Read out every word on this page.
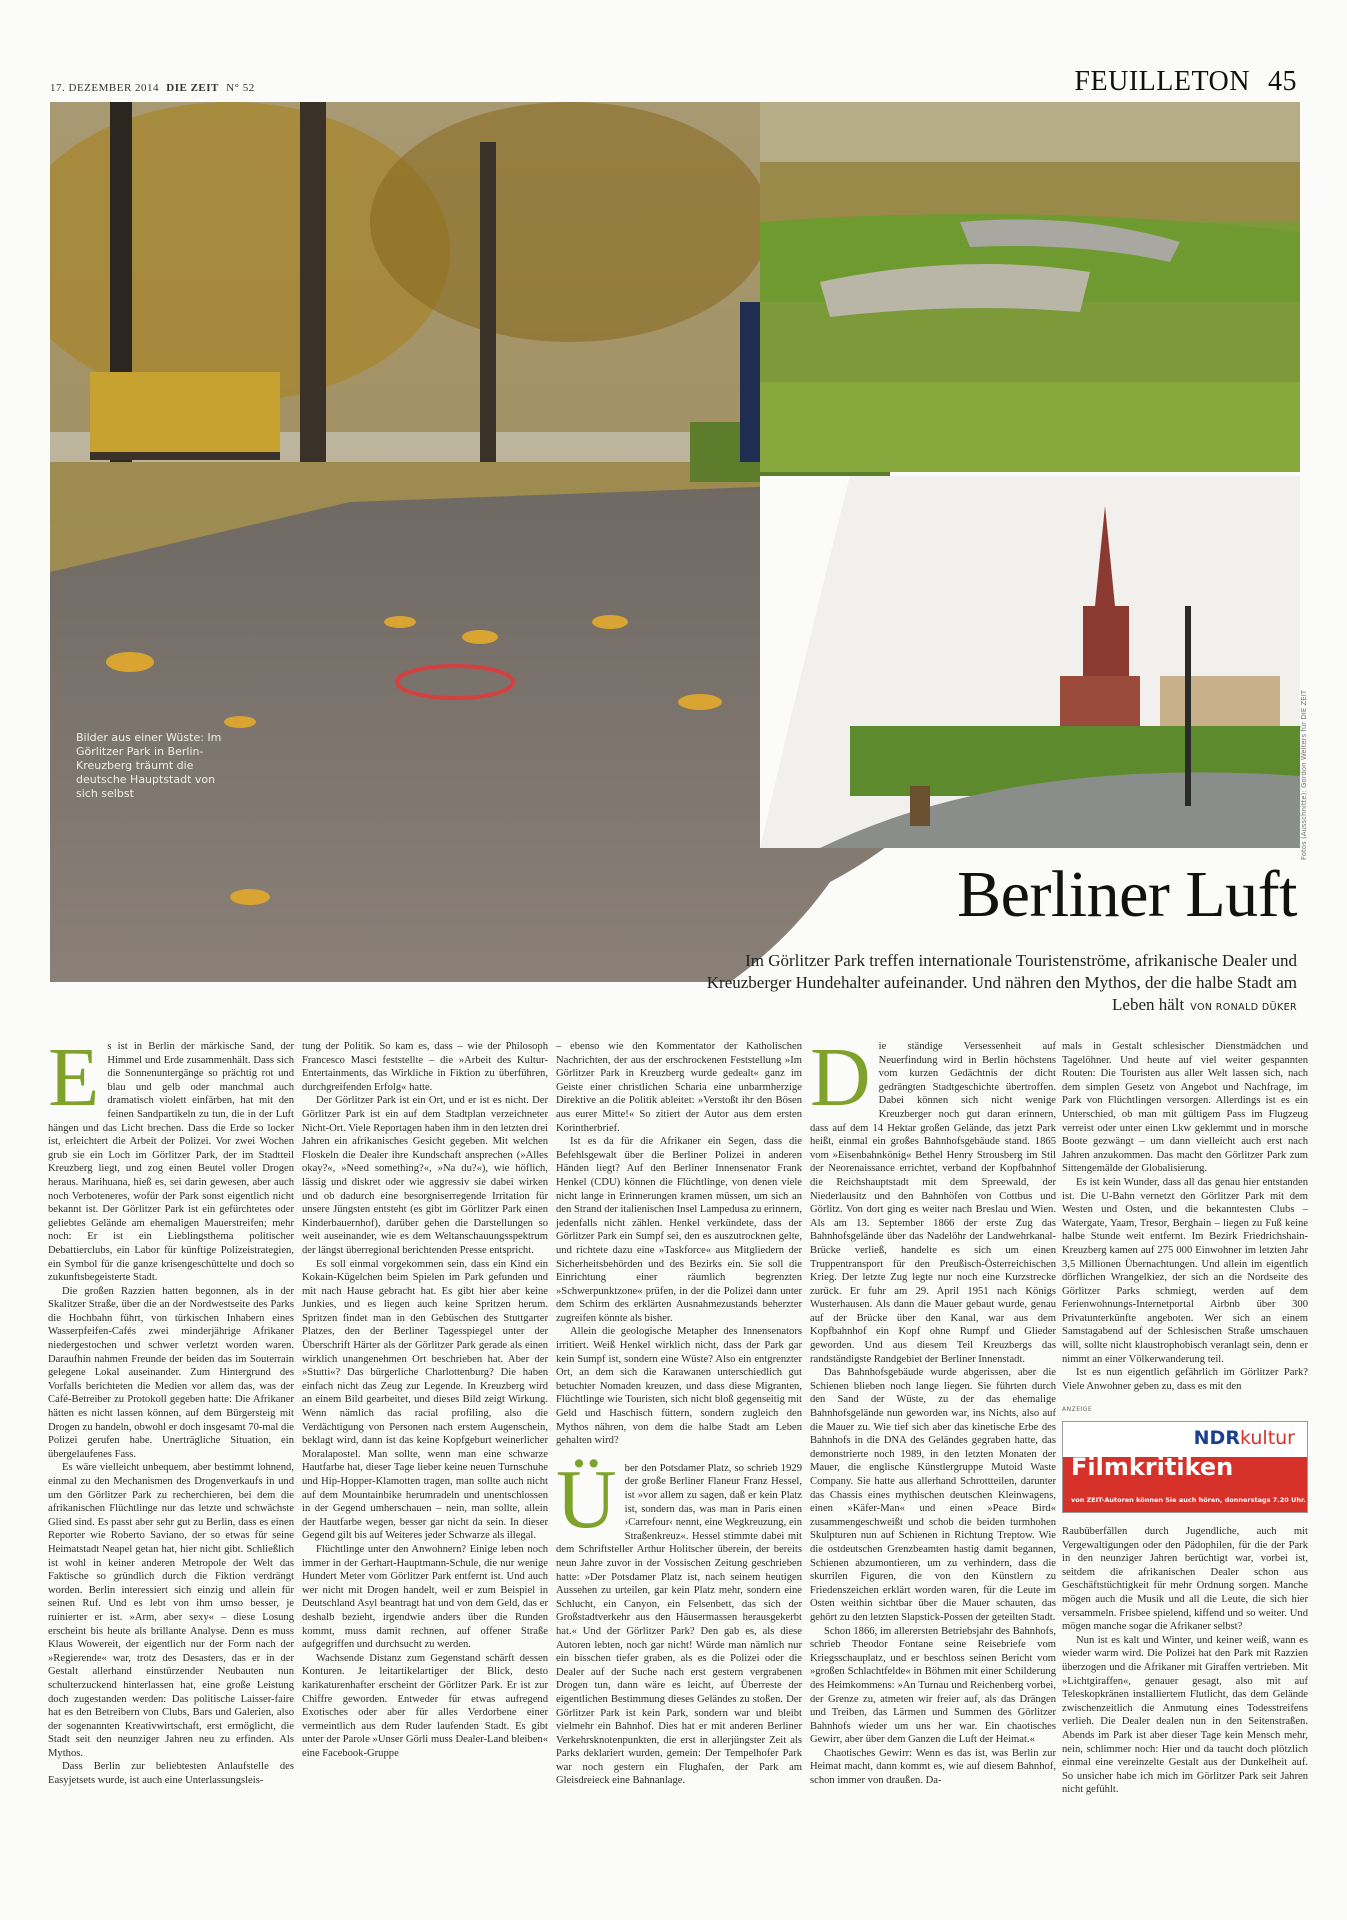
17. DEZEMBER 2014 DIE ZEIT N° 52	FEUILLETON 45
Bilder aus einer Wüste: Im Görlitzer Park in Berlin-Kreuzberg träumt die deutsche Hauptstadt von sich selbst	Fotos (Ausschnitte): Gordon Welters für DIE ZEIT
Berliner Luft
Im Görlitzer Park treffen internationale Touristenströme, afrikanische Dealer und Kreuzberger Hundehalter aufeinander. Und nähren den Mythos, der die halbe Stadt am Leben hält VON RONALD DÜKER

Es ist in Berlin der märkische Sand, der Himmel und Erde zusammenhält. Dass sich die Sonnenuntergänge so prächtig rot und blau und gelb oder manchmal auch dramatisch violett einfärben, hat mit den feinen Sandpartikeln zu tun, die in der Luft hängen und das Licht brechen. Dass die Erde so locker ist, erleichtert die Arbeit der Polizei. Vor zwei Wochen grub sie ein Loch im Görlitzer Park, der im Stadtteil Kreuzberg liegt, und zog einen Beutel voller Drogen heraus. Marihuana, hieß es, sei darin gewesen, aber auch noch Verboteneres, wofür der Park sonst eigentlich nicht bekannt ist. Der Görlitzer Park ist ein gefürchtetes oder geliebtes Gelände am ehemaligen Mauerstreifen; mehr noch: Er ist ein Lieblingsthema politischer Debattierclubs, ein Labor für künftige Polizeistrategien, ein Symbol für die ganze krisengeschüttelte und doch so zukunftsbegeisterte Stadt.

Die großen Razzien hatten begonnen, als in der Skalitzer Straße, über die an der Nordwestseite des Parks die Hochbahn führt, von türkischen Inhabern eines Wasserpfeifen-Cafés zwei minderjährige Afrikaner niedergestochen und schwer verletzt worden waren. Daraufhin nahmen Freunde der beiden das im Souterrain gelegene Lokal auseinander. Zum Hintergrund des Vorfalls berichteten die Medien vor allem das, was der Café-Betreiber zu Protokoll gegeben hatte: Die Afrikaner hätten es nicht lassen können, auf dem Bürgersteig mit Drogen zu handeln, obwohl er doch insgesamt 70-mal die Polizei gerufen habe. Unerträgliche Situation, ein übergelaufenes Fass.

Es wäre vielleicht unbequem, aber bestimmt lohnend, einmal zu den Mechanismen des Drogenverkaufs in und um den Görlitzer Park zu recherchieren, bei dem die afrikanischen Flüchtlinge nur das letzte und schwächste Glied sind. Es passt aber sehr gut zu Berlin, dass es einen Reporter wie Roberto Saviano, der so etwas für seine Heimatstadt Neapel getan hat, hier nicht gibt. Schließlich ist wohl in keiner anderen Metropole der Welt das Faktische so gründlich durch die Fiktion verdrängt worden. Berlin interessiert sich einzig und allein für seinen Ruf. Und es lebt von ihm umso besser, je ruinierter er ist. »Arm, aber sexy« – diese Losung erscheint bis heute als brillante Analyse. Denn es muss Klaus Wowereit, der eigentlich nur der Form nach der »Regierende« war, trotz des Desasters, das er in der Gestalt allerhand einstürzender Neubauten nun schulterzuckend hinterlassen hat, eine große Leistung doch zugestanden werden: Das politische Laisser-faire hat es den Betreibern von Clubs, Bars und Galerien, also der sogenannten Kreativwirtschaft, erst ermöglicht, die Stadt seit den neunziger Jahren neu zu erfinden. Als Mythos.

Dass Berlin zur beliebtesten Anlaufstelle des Easyjetsets wurde, ist auch eine Unterlassungsleis-

tung der Politik. So kam es, dass – wie der Philosoph Francesco Masci feststellte – die »Arbeit des Kultur-Entertainments, das Wirkliche in Fiktion zu überführen, durchgreifenden Erfolg« hatte.

Der Görlitzer Park ist ein Ort, und er ist es nicht. Der Görlitzer Park ist ein auf dem Stadtplan verzeichneter Nicht-Ort. Viele Reportagen haben ihm in den letzten drei Jahren ein afrikanisches Gesicht gegeben. Mit welchen Floskeln die Dealer ihre Kundschaft ansprechen (»Alles okay?«, »Need something?«, »Na du?«), wie höflich, lässig und diskret oder wie aggressiv sie dabei wirken und ob dadurch eine besorgniserregende Irritation für unsere Jüngsten entsteht (es gibt im Görlitzer Park einen Kinderbauernhof), darüber gehen die Darstellungen so weit auseinander, wie es dem Weltanschauungsspektrum der längst überregional berichtenden Presse entspricht.

Es soll einmal vorgekommen sein, dass ein Kind ein Kokain-Kügelchen beim Spielen im Park gefunden und mit nach Hause gebracht hat. Es gibt hier aber keine Junkies, und es liegen auch keine Spritzen herum. Spritzen findet man in den Gebüschen des Stuttgarter Platzes, den der Berliner Tagesspiegel unter der Überschrift Härter als der Görlitzer Park gerade als einen wirklich unangenehmen Ort beschrieben hat. Aber der »Stutti«? Das bürgerliche Charlottenburg? Die haben einfach nicht das Zeug zur Legende. In Kreuzberg wird an einem Bild gearbeitet, und dieses Bild zeigt Wirkung. Wenn nämlich das racial profiling, also die Verdächtigung von Personen nach erstem Augenschein, beklagt wird, dann ist das keine Kopfgeburt weinerlicher Moralapostel. Man sollte, wenn man eine schwarze Hautfarbe hat, dieser Tage lieber keine neuen Turnschuhe und Hip-Hopper-Klamotten tragen, man sollte auch nicht auf dem Mountainbike herumradeln und unentschlossen in der Gegend umherschauen – nein, man sollte, allein der Hautfarbe wegen, besser gar nicht da sein. In dieser Gegend gilt bis auf Weiteres jeder Schwarze als illegal.

Flüchtlinge unter den Anwohnern? Einige leben noch immer in der Gerhart-Hauptmann-Schule, die nur wenige Hundert Meter vom Görlitzer Park entfernt ist. Und auch wer nicht mit Drogen handelt, weil er zum Beispiel in Deutschland Asyl beantragt hat und von dem Geld, das er deshalb bezieht, irgendwie anders über die Runden kommt, muss damit rechnen, auf offener Straße aufgegriffen und durchsucht zu werden.

Wachsende Distanz zum Gegenstand schärft dessen Konturen. Je leitartikelartiger der Blick, desto karikaturenhafter erscheint der Görlitzer Park. Er ist zur Chiffre geworden. Entweder für etwas aufregend Exotisches oder aber für alles Verdorbene einer vermeintlich aus dem Ruder laufenden Stadt. Es gibt unter der Parole »Unser Görli muss Dealer-Land bleiben« eine Facebook-Gruppe

– ebenso wie den Kommentator der Katholischen Nachrichten, der aus der erschrockenen Feststellung »Im Görlitzer Park in Kreuzberg wurde gedealt« ganz im Geiste einer christlichen Scharia eine unbarmherzige Direktive an die Politik ableitet: »Verstoßt ihr den Bösen aus eurer Mitte!« So zitiert der Autor aus dem ersten Korintherbrief.

Ist es da für die Afrikaner ein Segen, dass die Befehlsgewalt über die Berliner Polizei in anderen Händen liegt? Auf den Berliner Innensenator Frank Henkel (CDU) können die Flüchtlinge, von denen viele nicht lange in Erinnerungen kramen müssen, um sich an den Strand der italienischen Insel Lampedusa zu erinnern, jedenfalls nicht zählen. Henkel verkündete, dass der Görlitzer Park ein Sumpf sei, den es auszutrocknen gelte, und richtete dazu eine »Taskforce« aus Mitgliedern der Sicherheitsbehörden und des Bezirks ein. Sie soll die Einrichtung einer räumlich begrenzten »Schwerpunktzone« prüfen, in der die Polizei dann unter dem Schirm des erklärten Ausnahmezustands beherzter zugreifen könnte als bisher.

Allein die geologische Metapher des Innensenators irritiert. Weiß Henkel wirklich nicht, dass der Park gar kein Sumpf ist, sondern eine Wüste? Also ein entgrenzter Ort, an dem sich die Karawanen unterschiedlich gut betuchter Nomaden kreuzen, und dass diese Migranten, Flüchtlinge wie Touristen, sich nicht bloß gegenseitig mit Geld und Haschisch füttern, sondern zugleich den Mythos nähren, von dem die halbe Stadt am Leben gehalten wird?

Über den Potsdamer Platz, so schrieb 1929 der große Berliner Flaneur Franz Hessel, ist »vor allem zu sagen, daß er kein Platz ist, sondern das, was man in Paris einen ›Carrefour‹ nennt, eine Wegkreuzung, ein Straßenkreuz«. Hessel stimmte dabei mit dem Schriftsteller Arthur Holitscher überein, der bereits neun Jahre zuvor in der Vossischen Zeitung geschrieben hatte: »Der Potsdamer Platz ist, nach seinem heutigen Aussehen zu urteilen, gar kein Platz mehr, sondern eine Schlucht, ein Canyon, ein Felsenbett, das sich der Großstadtverkehr aus den Häusermassen herausgekerbt hat.« Und der Görlitzer Park? Den gab es, als diese Autoren lebten, noch gar nicht! Würde man nämlich nur ein bisschen tiefer graben, als es die Polizei oder die Dealer auf der Suche nach erst gestern vergrabenen Drogen tun, dann wäre es leicht, auf Überreste der eigentlichen Bestimmung dieses Geländes zu stoßen. Der Görlitzer Park ist kein Park, sondern war und bleibt vielmehr ein Bahnhof. Dies hat er mit anderen Berliner Verkehrsknotenpunkten, die erst in allerjüngster Zeit als Parks deklariert wurden, gemein: Der Tempelhofer Park war noch gestern ein Flughafen, der Park am Gleisdreieck eine Bahnanlage.

Die ständige Versessenheit auf Neuerfindung wird in Berlin höchstens vom kurzen Gedächtnis der dicht gedrängten Stadtgeschichte übertroffen. Dabei können sich nicht wenige Kreuzberger noch gut daran erinnern, dass auf dem 14 Hektar großen Gelände, das jetzt Park heißt, einmal ein großes Bahnhofsgebäude stand. 1865 vom »Eisenbahnkönig« Bethel Henry Strousberg im Stil der Neorenaissance errichtet, verband der Kopfbahnhof die Reichshauptstadt mit dem Spreewald, der Niederlausitz und den Bahnhöfen von Cottbus und Görlitz. Von dort ging es weiter nach Breslau und Wien. Als am 13. September 1866 der erste Zug das Bahnhofsgelände über das Nadelöhr der Landwehrkanal-Brücke verließ, handelte es sich um einen Truppentransport für den Preußisch-Österreichischen Krieg. Der letzte Zug legte nur noch eine Kurzstrecke zurück. Er fuhr am 29. April 1951 nach Königs Wusterhausen. Als dann die Mauer gebaut wurde, genau auf der Brücke über den Kanal, war aus dem Kopfbahnhof ein Kopf ohne Rumpf und Glieder geworden. Und aus diesem Teil Kreuzbergs das randständigste Randgebiet der Berliner Innenstadt.

Das Bahnhofsgebäude wurde abgerissen, aber die Schienen blieben noch lange liegen. Sie führten durch den Sand der Wüste, zu der das ehemalige Bahnhofsgelände nun geworden war, ins Nichts, also auf die Mauer zu. Wie tief sich aber das kinetische Erbe des Bahnhofs in die DNA des Geländes gegraben hatte, das demonstrierte noch 1989, in den letzten Monaten der Mauer, die englische Künstlergruppe Mutoid Waste Company. Sie hatte aus allerhand Schrottteilen, darunter das Chassis eines mythischen deutschen Kleinwagens, einen »Käfer-Man« und einen »Peace Bird« zusammengeschweißt und schob die beiden turmhohen Skulpturen nun auf Schienen in Richtung Treptow. Wie die ostdeutschen Grenzbeamten hastig damit begannen, Schienen abzumontieren, um zu verhindern, dass die skurrilen Figuren, die von den Künstlern zu Friedenszeichen erklärt worden waren, für die Leute im Osten weithin sichtbar über die Mauer schauten, das gehört zu den letzten Slapstick-Possen der geteilten Stadt.

Schon 1866, im allerersten Betriebsjahr des Bahnhofs, schrieb Theodor Fontane seine Reisebriefe vom Kriegsschauplatz, und er beschloss seinen Bericht vom »großen Schlachtfelde« in Böhmen mit einer Schilderung des Heimkommens: »An Turnau und Reichenberg vorbei, der Grenze zu, atmeten wir freier auf, als das Drängen und Treiben, das Lärmen und Summen des Görlitzer Bahnhofs wieder um uns her war. Ein chaotisches Gewirr, aber über dem Ganzen die Luft der Heimat.«

Chaotisches Gewirr: Wenn es das ist, was Berlin zur Heimat macht, dann kommt es, wie auf diesem Bahnhof, schon immer von draußen. Da-

mals in Gestalt schlesischer Dienstmädchen und Tagelöhner. Und heute auf viel weiter gespannten Routen: Die Touristen aus aller Welt lassen sich, nach dem simplen Gesetz von Angebot und Nachfrage, im Park von Flüchtlingen versorgen. Allerdings ist es ein Unterschied, ob man mit gültigem Pass im Flugzeug verreist oder unter einen Lkw geklemmt und in morsche Boote gezwängt – um dann vielleicht auch erst nach Jahren anzukommen. Das macht den Görlitzer Park zum Sittengemälde der Globalisierung.

Es ist kein Wunder, dass all das genau hier entstanden ist. Die U-Bahn vernetzt den Görlitzer Park mit dem Westen und Osten, und die bekanntesten Clubs – Watergate, Yaam, Tresor, Berghain – liegen zu Fuß keine halbe Stunde weit entfernt. Im Bezirk Friedrichshain-Kreuzberg kamen auf 275 000 Einwohner im letzten Jahr 3,5 Millionen Übernachtungen. Und allein im eigentlich dörflichen Wrangelkiez, der sich an die Nordseite des Görlitzer Parks schmiegt, werden auf dem Ferienwohnungs-Internetportal Airbnb über 300 Privatunterkünfte angeboten. Wer sich an einem Samstagabend auf der Schlesischen Straße umschauen will, sollte nicht klaustrophobisch veranlagt sein, denn er nimmt an einer Völkerwanderung teil.

Ist es nun eigentlich gefährlich im Görlitzer Park? Viele Anwohner geben zu, dass es mit den

ANZEIGE
NDRkultur
Filmkritiken
von ZEIT-Autoren können Sie auch hören, donnerstags 7.20 Uhr.

Raubüberfällen durch Jugendliche, auch mit Vergewaltigungen oder den Pädophilen, für die der Park in den neunziger Jahren berüchtigt war, vorbei ist, seitdem die afrikanischen Dealer schon aus Geschäftstüchtigkeit für mehr Ordnung sorgen. Manche mögen auch die Musik und all die Leute, die sich hier versammeln. Frisbee spielend, kiffend und so weiter. Und mögen manche sogar die Afrikaner selbst?

Nun ist es kalt und Winter, und keiner weiß, wann es wieder warm wird. Die Polizei hat den Park mit Razzien überzogen und die Afrikaner mit Giraffen vertrieben. Mit »Lichtgiraffen«, genauer gesagt, also mit auf Teleskopkränen installiertem Flutlicht, das dem Gelände zwischenzeitlich die Anmutung eines Todesstreifens verlieh. Die Dealer dealen nun in den Seitenstraßen. Abends im Park ist aber dieser Tage kein Mensch mehr, nein, schlimmer noch: Hier und da taucht doch plötzlich einmal eine vereinzelte Gestalt aus der Dunkelheit auf. So unsicher habe ich mich im Görlitzer Park seit Jahren nicht gefühlt.
